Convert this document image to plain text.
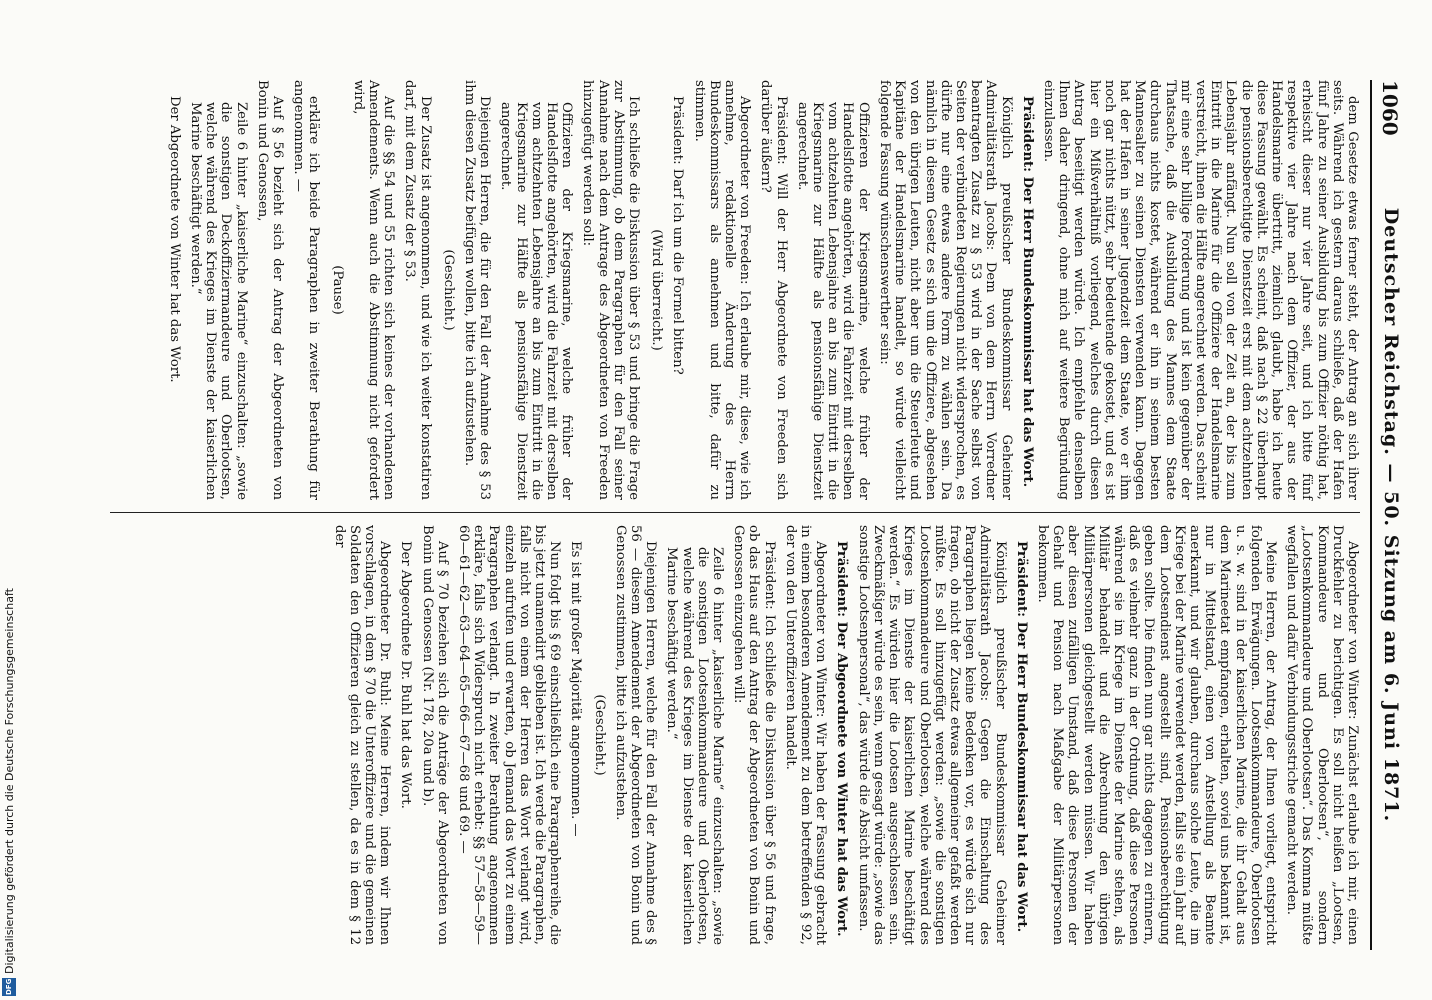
1060
Deutscher Reichstag. — 50. Sitzung am 6. Juni 1871.

dem Gesetze etwas ferner steht, der Antrag an sich ihrer seits. Während ich gestern daraus schließe, daß der Hafen fünf Jahre zu seiner Ausbildung bis zum Offizier nöthig hat, erheischt dieser nur vier Jahre seit, und ich bitte fünf respektive vier Jahre nach dem Offizier, der aus der Handelsmarine übertritt, ziemlich glaubt, habe ich heute diese Fassung gewählt. Es scheint, daß nach § 22 überhaupt die pensionsberechtigte Dienstzeit erst mit dem achtzehnten Lebensjahr anfängt. Nun soll von der Zeit an, der bis zum Eintritt in die Marine für die Offiziere der Handelsmarine verstreicht, ihnen die Hälfte angerechnet werden. Das scheint mir eine sehr billige Forderung und ist kein gegenüber der Thatsache, daß die Ausbildung des Mannes dem Staate durchaus nichts kostet, während er ihn in seinem besten Mannesalter zu seinen Diensten verwenden kann. Dagegen hat der Hafen in seiner Jugendzeit dem Staate, wo er ihm noch gar nichts nützt, sehr bedeutende gekostet, und es ist hier ein Mißverhältniß vorliegend, welches durch diesen Antrag beseitigt werden würde. Ich empfehle denselben Ihnen daher dringend, ohne mich auf weitere Begründung einzulassen.

Präsident: Der Herr Bundeskommissar hat das Wort.

Königlich preußischer Bundeskommissar Geheimer Admiralitätsrath Jacobs: Dem von dem Herrn Vorredner beantragten Zusatz zu § 53 wird in der Sache selbst von Seiten der verbündeten Regierungen nicht widersprochen, es dürfte nur eine etwas andere Form zu wählen sein. Da nämlich in diesem Gesetz es sich um die Offiziere, abgesehen von den übrigen Leuten, nicht aber um die Steuerleute und Kapitäne der Handelsmarine handelt, so würde vielleicht folgende Fassung wünschenswerther sein:

Offizieren der Kriegsmarine, welche früher der Handelsflotte angehörten, wird die Fahrzeit mit derselben vom achtzehnten Lebensjahre an bis zum Eintritt in die Kriegsmarine zur Hälfte als pensionsfähige Dienstzeit angerechnet.

Präsident: Will der Herr Abgeordnete von Freeden sich darüber äußern?

Abgeordneter von Freeden: Ich erlaube mir, diese, wie ich annehme, redaktionelle Änderung des Herrn Bundeskommissars als annehmen und bitte, dafür zu stimmen.

Präsident: Darf ich um die Formel bitten?

(Wird überreicht.)

Ich schließe die Diskussion über § 53 und bringe die Frage zur Abstimmung, ob dem Paragraphen für den Fall seiner Annahme nach dem Antrage des Abgeordneten von Freeden hinzugefügt werden soll:

Offizieren der Kriegsmarine, welche früher der Handelsflotte angehörten, wird die Fahrzeit mit derselben vom achtzehnten Lebensjahre an bis zum Eintritt in die Kriegsmarine zur Hälfte als pensionsfähige Dienstzeit angerechnet.

Diejenigen Herren, die für den Fall der Annahme des § 53 ihm diesen Zusatz beifügen wollen, bitte ich aufzustehen.

(Geschieht.)

Der Zusatz ist angenommen, und wie ich weiter konstatiren darf, mit dem Zusatz der § 53.

Auf die §§ 54 und 55 richten sich keines der vorhandenen Amendements. Wenn auch die Abstimmung nicht gefordert wird,

(Pause)

erkläre ich beide Paragraphen in zweiter Berathung für angenommen. —

Auf § 56 bezieht sich der Antrag der Abgeordneten von Bonin und Genossen,

Zeile 6 hinter „kaiserliche Marine“ einzuschalten: „sowie die sonstigen Deckoffiziermandeure und Oberlootsen, welche während des Krieges im Dienste der kaiserlichen Marine beschäftigt werden.“

Der Abgeordnete von Winter hat das Wort.

Abgeordneter von Winter: Zunächst erlaube ich mir, einen Druckfehler zu berichtigen. Es soll nicht heißen „Lootsen, Kommandeure und Oberlootsen“, sondern „Lootsenkommandeure und Oberlootsen“. Das Komma müßte wegfallen und dafür Verbindungsstriche gemacht werden.

Meine Herren, der Antrag, der Ihnen vorliegt, entspricht folgenden Erwägungen. Lootsenkommandeure, Oberlootsen u. s. w. sind in der kaiserlichen Marine, die ihr Gehalt aus dem Marineetat empfangen, erhalten, soviel uns bekannt ist, nur in Mittelstand, einen von Anstellung als Beamte anerkannt, und wir glauben, durchaus solche Leute, die im Kriege bei der Marine verwendet werden, falls sie ein Jahr auf dem Lootsendienst angestellt sind, Pensionsberechtigung geben sollte. Die finden nun gar nichts dagegen zu erinnern, daß es vielmehr ganz in der Ordnung, daß diese Personen während sie im Kriege im Dienste der Marine stehen, als Militär behandelt und die Abrechnung den übrigen Militärpersonen gleichgestellt werden müssen. Wir haben aber diesen zufälligen Umstand, daß diese Personen der Gehalt und Pension nach Maßgabe der Militärpersonen bekommen.

Präsident: Der Herr Bundeskommissar hat das Wort.

Königlich preußischer Bundeskommissar Geheimer Admiralitätsrath Jacobs: Gegen die Einschaltung des Paragraphen liegen keine Bedenken vor, es würde sich nur fragen, ob nicht der Zusatz etwas allgemeiner gefaßt werden müßte. Es soll hinzugefügt werden: „sowie die sonstigen Lootsenkommandeure und Oberlootsen, welche während des Krieges im Dienste der kaiserlichen Marine beschäftigt werden.“ Es würden hier die Lootsen ausgeschlossen sein. Zweckmäßiger würde es sein, wenn gesagt würde: „sowie das sonstige Lootsenpersonal“, das würde die Absicht umfassen.

Präsident: Der Abgeordnete von Winter hat das Wort.

Abgeordneter von Winter: Wir haben der Fassung gebracht in einem besonderen Amendement zu dem betreffenden § 92, der von den Unteroffizieren handelt.

Präsident: Ich schließe die Diskussion über § 56 und frage, ob das Haus auf den Antrag der Abgeordneten von Bonin und Genossen einzugehen will:

Zeile 6 hinter „kaiserliche Marine“ einzuschalten: „sowie die sonstigen Lootsenkommandeure und Oberlootsen, welche während des Krieges im Dienste der kaiserlichen Marine beschäftigt werden.“

Diejenigen Herren, welche für den Fall der Annahme des § 56 — diesem Amendement der Abgeordneten von Bonin und Genossen zustimmen, bitte ich aufzustehen.

(Geschieht.)

Es ist mit großer Majorität angenommen. —

Nun folgt bis § 69 einschließlich eine Paragraphenreihe, die bis jetzt unamendirt geblieben ist. Ich werde die Paragraphen, falls nicht von einem der Herren das Wort verlangt wird, einzeln aufrufen und erwarten, ob Jemand das Wort zu einem Paragraphen verlangt. In zweiter Berathung angenommen erkläre, falls sich Widerspruch nicht erhebt: §§ 57—58—59—60—61—62—63—64—65—66—67—68 und 69. —

Auf § 70 beziehen sich die Anträge der Abgeordneten von Bonin und Genossen (Nr. 178, 20a und b).

Der Abgeordnete Dr. Buhl hat das Wort.

Abgeordneter Dr. Buhl: Meine Herren, indem wir Ihnen vorschlagen, in dem § 70 die Unteroffiziere und die gemeinen Soldaten den Offizieren gleich zu stellen, da es in dem § 12 der

Digitalisierung gefördert durch die Deutsche Forschungsgemeinschaft
DFG
